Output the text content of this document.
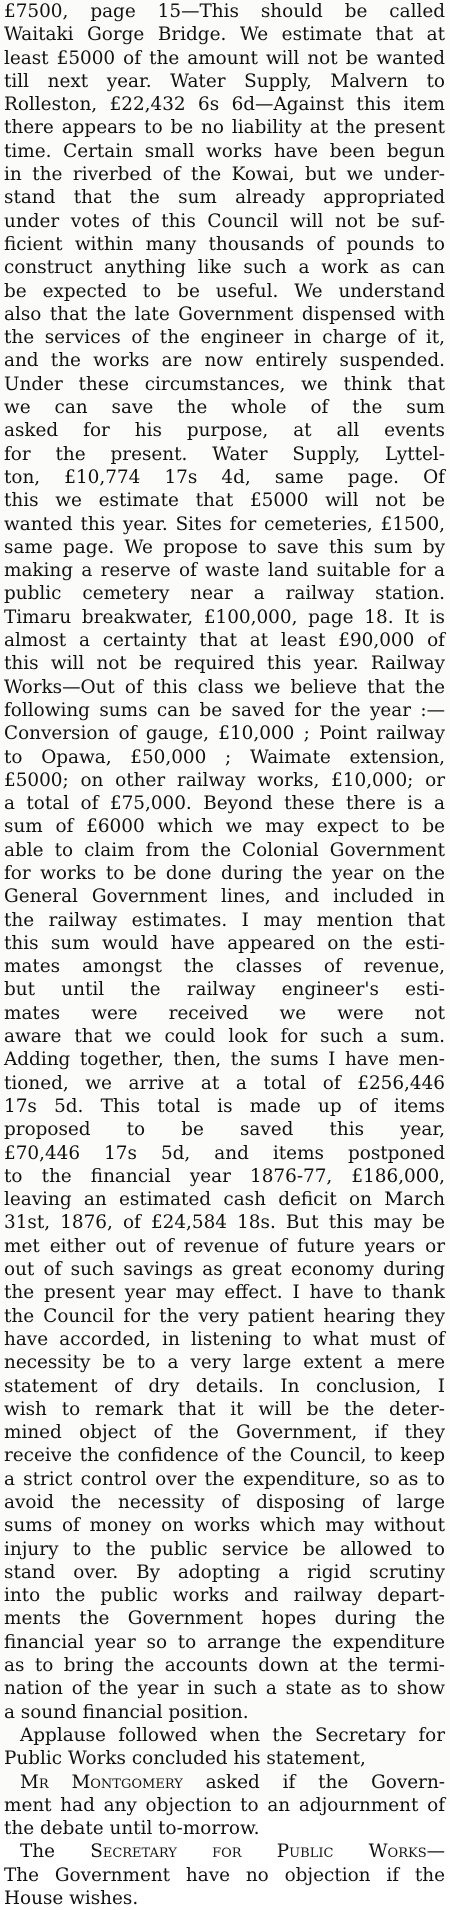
£7500, page 15—This should be called
Waitaki Gorge Bridge. We estimate that at
least £5000 of the amount will not be wanted
till next year. Water Supply, Malvern to
Rolleston, £22,432 6s 6d—Against this item
there appears to be no liability at the present
time. Certain small works have been begun
in the riverbed of the Kowai, but we under-
stand that the sum already appropriated
under votes of this Council will not be suf-
ficient within many thousands of pounds to
construct anything like such a work as can
be expected to be useful. We understand
also that the late Government dispensed with
the services of the engineer in charge of it,
and the works are now entirely suspended.
Under these circumstances, we think that
we can save the whole of the sum
asked for his purpose, at all events
for the present. Water Supply, Lyttel-
ton, £10,774 17s 4d, same page. Of
this we estimate that £5000 will not be
wanted this year. Sites for cemeteries, £1500,
same page. We propose to save this sum by
making a reserve of waste land suitable for a
public cemetery near a railway station.
Timaru breakwater, £100,000, page 18. It is
almost a certainty that at least £90,000 of
this will not be required this year. Railway
Works—Out of this class we believe that the
following sums can be saved for the year :—
Conversion of gauge, £10,000 ; Point railway
to Opawa, £50,000 ; Waimate extension,
£5000; on other railway works, £10,000; or
a total of £75,000. Beyond these there is a
sum of £6000 which we may expect to be
able to claim from the Colonial Government
for works to be done during the year on the
General Government lines, and included in
the railway estimates. I may mention that
this sum would have appeared on the esti-
mates amongst the classes of revenue,
but until the railway engineer's esti-
mates were received we were not
aware that we could look for such a sum.
Adding together, then, the sums I have men-
tioned, we arrive at a total of £256,446
17s 5d. This total is made up of items
proposed to be saved this year,
£70,446 17s 5d, and items postponed
to the financial year 1876-77, £186,000,
leaving an estimated cash deficit on March
31st, 1876, of £24,584 18s. But this may be
met either out of revenue of future years or
out of such savings as great economy during
the present year may effect. I have to thank
the Council for the very patient hearing they
have accorded, in listening to what must of
necessity be to a very large extent a mere
statement of dry details. In conclusion, I
wish to remark that it will be the deter-
mined object of the Government, if they
receive the confidence of the Council, to keep
a strict control over the expenditure, so as to
avoid the necessity of disposing of large
sums of money on works which may without
injury to the public service be allowed to
stand over. By adopting a rigid scrutiny
into the public works and railway depart-
ments the Government hopes during the
financial year so to arrange the expenditure
as to bring the accounts down at the termi-
nation of the year in such a state as to show
a sound financial position.
Applause followed when the Secretary for
Public Works concluded his statement,
Mr Montgomery asked if the Govern-
ment had any objection to an adjournment of
the debate until to-morrow.
The Secretary for Public Works—
The Government have no objection if the
House wishes.
